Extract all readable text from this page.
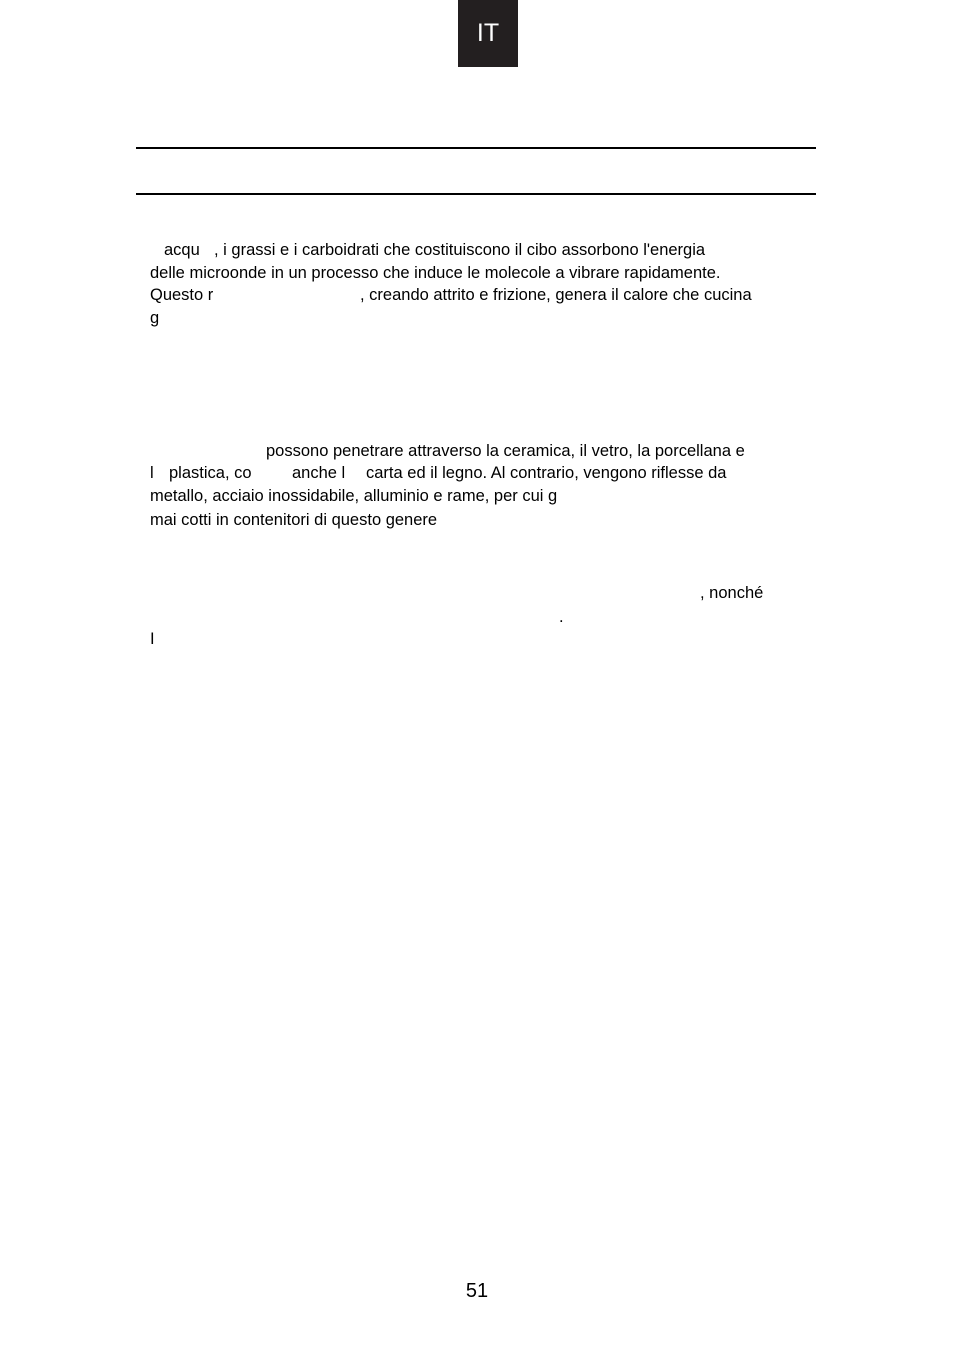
IT
acqu , i grassi e i carboidrati che costituiscono il cibo assorbono l'energia
delle microonde in un processo che induce le molecole a vibrare rapidamente.
Questo r	, creando attrito e frizione, genera il calore che cucina
g
possono penetrare attraverso la ceramica, il vetro, la porcellana e
l plastica, co anche l carta ed il legno. Al contrario, vengono riflesse da
metallo, acciaio inossidabile, alluminio e rame, per cui g
mai cotti in contenitori di questo genere
, nonché
.
I
51
